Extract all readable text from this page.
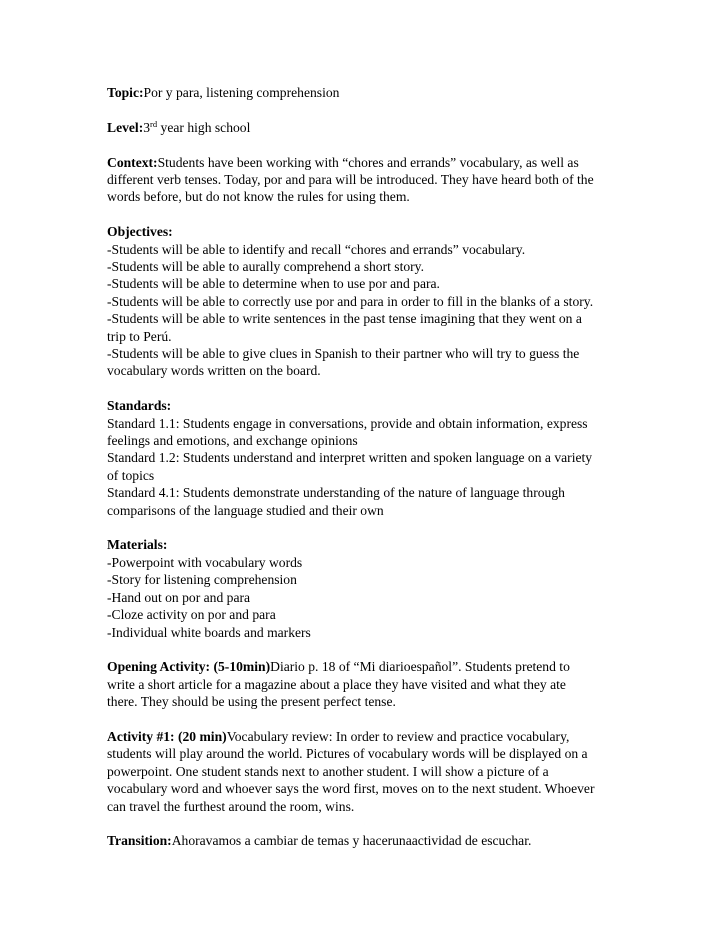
Topic:Por y para, listening comprehension
Level:3rd year high school
Context:Students have been working with “chores and errands” vocabulary, as well as
different verb tenses. Today, por and para will be introduced. They have heard both of the
words before, but do not know the rules for using them.
Objectives:
-Students will be able to identify and recall “chores and errands” vocabulary.
-Students will be able to aurally comprehend a short story.
-Students will be able to determine when to use por and para.
-Students will be able to correctly use por and para in order to fill in the blanks of a story.
-Students will be able to write sentences in the past tense imagining that they went on a
trip to Perú.
-Students will be able to give clues in Spanish to their partner who will try to guess the
vocabulary words written on the board.
Standards:
Standard 1.1: Students engage in conversations, provide and obtain information, express
feelings and emotions, and exchange opinions
Standard 1.2: Students understand and interpret written and spoken language on a variety
of topics
Standard 4.1: Students demonstrate understanding of the nature of language through
comparisons of the language studied and their own
Materials:
-Powerpoint with vocabulary words
-Story for listening comprehension
-Hand out on por and para
-Cloze activity on por and para
-Individual white boards and markers
Opening Activity: (5-10min)Diario p. 18 of “Mi diarioespañol”. Students pretend to
write a short article for a magazine about a place they have visited and what they ate
there. They should be using the present perfect tense.
Activity #1: (20 min)Vocabulary review: In order to review and practice vocabulary,
students will play around the world. Pictures of vocabulary words will be displayed on a
powerpoint. One student stands next to another student. I will show a picture of a
vocabulary word and whoever says the word first, moves on to the next student. Whoever
can travel the furthest around the room, wins.
Transition:Ahoravamos a cambiar de temas y hacerunaactividad de escuchar.
